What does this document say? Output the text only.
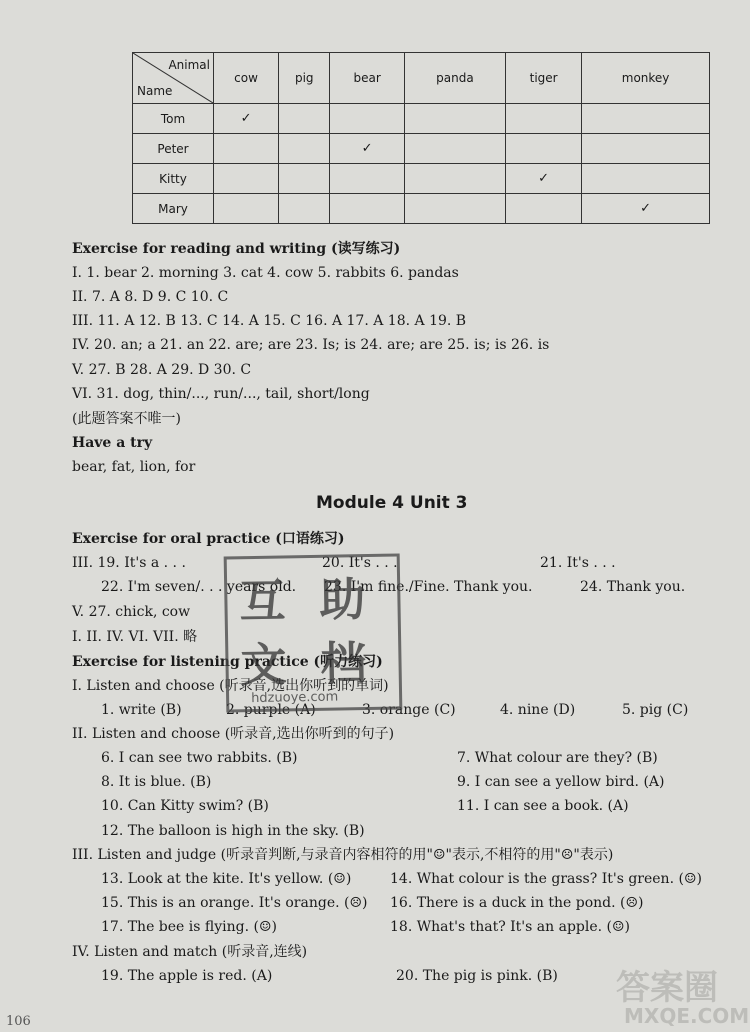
Animal
Name	cow	pig	bear	panda	tiger	monkey
Tom	✓					
Peter			✓			
Kitty					✓	
Mary						✓
Exercise for reading and writing (读写练习)
I. 1. bear 2. morning 3. cat 4. cow 5. rabbits 6. pandas
II. 7. A 8. D 9. C 10. C
III. 11. A 12. B 13. C 14. A 15. C 16. A 17. A 18. A 19. B
IV. 20. an; a 21. an 22. are; are 23. Is; is 24. are; are 25. is; is 26. is
V. 27. B 28. A 29. D 30. C
VI. 31. dog, thin/..., run/..., tail, short/long
(此题答案不唯一)
Have a try
bear, fat, lion, for
Module 4 Unit 3
Exercise for oral practice (口语练习)
III. 19. It's a . . .	20. It's . . .	21. It's . . .
22. I'm seven/. . . years old. 23. I'm fine./Fine. Thank you.	24. Thank you.
V. 27. chick, cow
I. II. IV. VI. VII. 略
Exercise for listening practice (听力练习)
I. Listen and choose (听录音,选出你听到的单词)
1. write (B)	2. purple (A)	3. orange (C)	4. nine (D)	5. pig (C)
II. Listen and choose (听录音,选出你听到的句子)
6. I can see two rabbits. (B)	7. What colour are they? (B)
8. It is blue. (B)	9. I can see a yellow bird. (A)
10. Can Kitty swim? (B)	11. I can see a book. (A)
12. The balloon is high in the sky. (B)
III. Listen and judge (听录音判断,与录音内容相符的用"☺"表示,不相符的用"☹"表示)
13. Look at the kite. It's yellow. (☺)	14. What colour is the grass? It's green. (☺)
15. This is an orange. It's orange. (☹) 16. There is a duck in the pond. (☹)
17. The bee is flying. (☺)	18. What's that? It's an apple. (☺)
IV. Listen and match (听录音,连线)
19. The apple is red. (A)	20. The pig is pink. (B)
互 助
文 档
hdzuoye.com
106
答案圈
MXQE.COM
